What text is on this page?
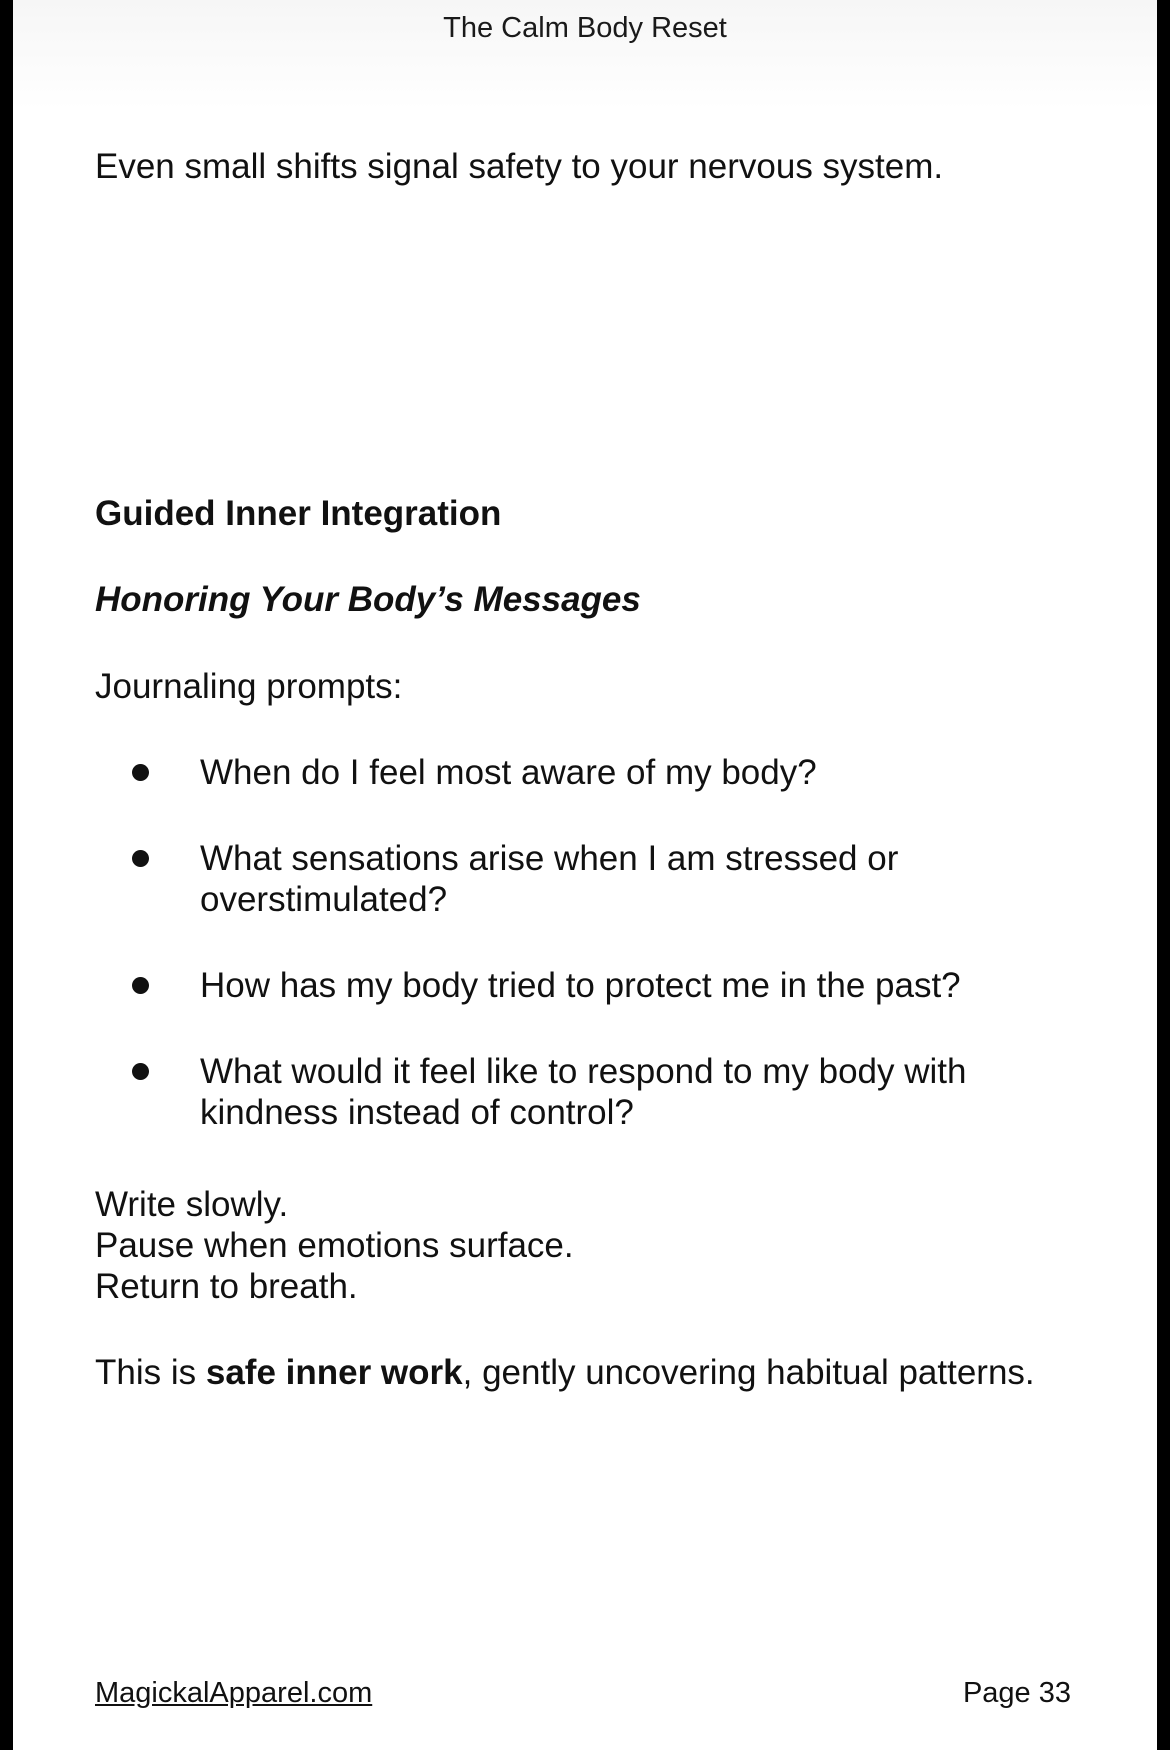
The Calm Body Reset

Even small shifts signal safety to your nervous system.

Guided Inner Integration
Honoring Your Body’s Messages

Journaling prompts:

When do I feel most aware of my body?
What sensations arise when I am stressed or overstimulated?
How has my body tried to protect me in the past?
What would it feel like to respond to my body with kindness instead of control?
Write slowly.
Pause when emotions surface.
Return to breath.

This is safe inner work, gently uncovering habitual patterns.

MagickalApparel.com	Page 33
